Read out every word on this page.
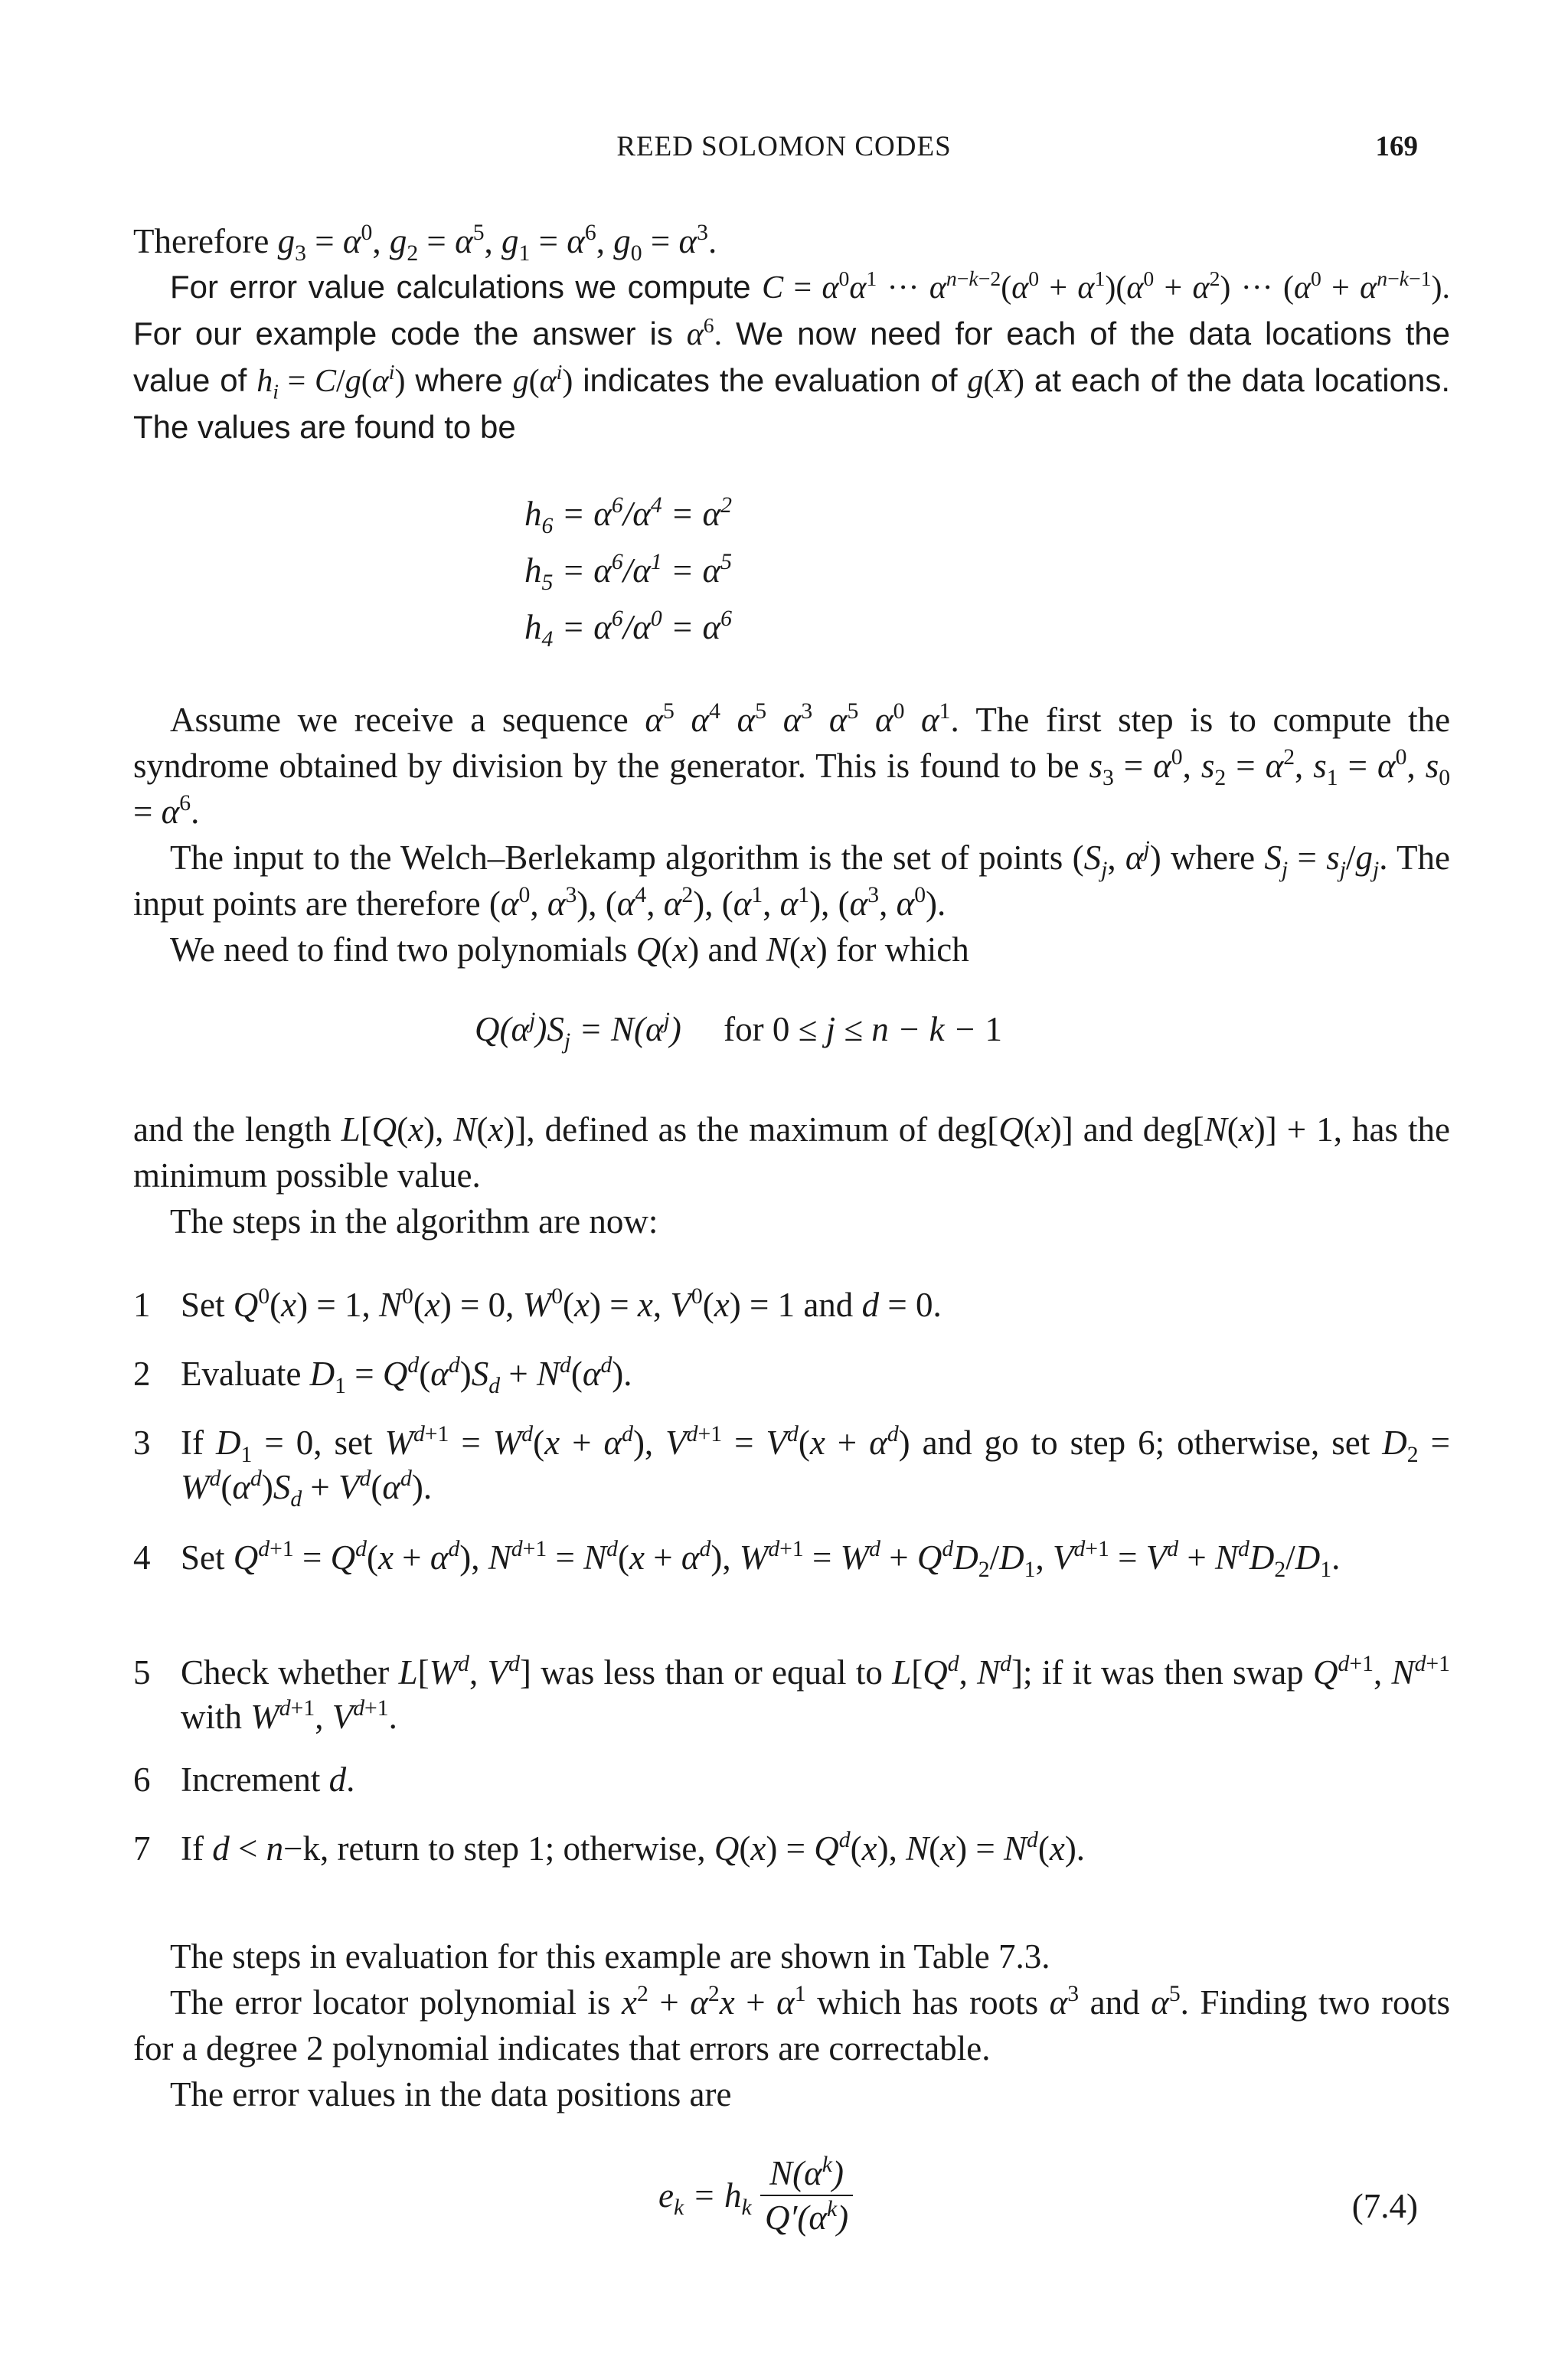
REED SOLOMON CODES	169

Therefore $g_3 = \alpha^0$, $g_2 = \alpha^5$, $g_1 = \alpha^6$, $g_0 = \alpha^3$.

For error value calculations we compute $C = \alpha^0\alpha^1$ ··· $\alpha^{n-k-2}(\alpha^0 + \alpha^1)(\alpha^0 + \alpha^2)$ ··· $(\alpha^0 + \alpha^{n-k-1})$. For our example code the answer is $\alpha^6$. We now need for each of the data locations the value of $h_i = C/g(\alpha^i)$ where $g(\alpha^i)$ indicates the evaluation of g(X) at each of the data locations. The values are found to be

$h_6 = \alpha^6/\alpha^4 = \alpha^2$
$h_5 = \alpha^6/\alpha^1 = \alpha^5$
$h_4 = \alpha^6/\alpha^0 = \alpha^6$

Assume we receive a sequence $\alpha^5$ $\alpha^4$ $\alpha^5$ $\alpha^3$ $\alpha^5$ $\alpha^0$ $\alpha^1$. The first step is to compute the syndrome obtained by division by the generator. This is found to be $s_3 = \alpha^0$, $s_2 = \alpha^2$, $s_1 = \alpha^0$, $s_0 = \alpha^6$.

The input to the Welch–Berlekamp algorithm is the set of points ($S_j$, $\alpha^j$) where $S_j = s_j/g_j$. The input points are therefore ($\alpha^0$, $\alpha^3$), ($\alpha^4$, $\alpha^2$), ($\alpha^1$, $\alpha^1$), ($\alpha^3$, $\alpha^0$).

We need to find two polynomials Q(x) and N(x) for which

$Q(\alpha^j)S_j = N(\alpha^j)$ for 0 ≤ j ≤ n − k − 1

and the length L[Q(x), N(x)], defined as the maximum of deg[Q(x)] and deg[N(x)] + 1, has the minimum possible value.

The steps in the algorithm are now:

1 Set $Q^0(x) = 1$, $N^0(x) = 0$, $W^0(x) = x$, $V^0(x) = 1$ and d = 0.
2 Evaluate $D_1 = Q^d(\alpha^d)S_d + N^d(\alpha^d)$.
3 If $D_1 = 0$, set $W^{d+1} = W^d(x + \alpha^d)$, $V^{d+1} = V^d(x + \alpha^d)$ and go to step 6; otherwise, set $D_2 = W^d(\alpha^d)S_d + V^d(\alpha^d)$.
4 Set $Q^{d+1} = Q^d(x + \alpha^d)$, $N^{d+1} = N^d(x + \alpha^d)$, $W^{d+1} = W^d + Q^dD_2/D_1$, $V^{d+1} = V^d + N^dD_2/D_1$.
5 Check whether $L[W^d$, $V^d$] was less than or equal to $L[Q^d$, $N^d$]; if it was then swap $Q^{d+1}$, $N^{d+1}$ with $W^{d+1}$, $V^{d+1}$.
6 Increment d.
7 If d < n−k, return to step 1; otherwise, $Q(x) = Q^d(x)$, $N(x) = N^d(x)$.

The steps in evaluation for this example are shown in Table 7.3.

The error locator polynomial is $x^2 + \alpha^2x + \alpha^1$ which has roots $\alpha^3$ and $\alpha^5$. Finding two roots for a degree 2 polynomial indicates that errors are correctable.

The error values in the data positions are

$e_k = h_k \frac{N(\alpha^k)}{Q'(\alpha^k)}$	(7.4)
